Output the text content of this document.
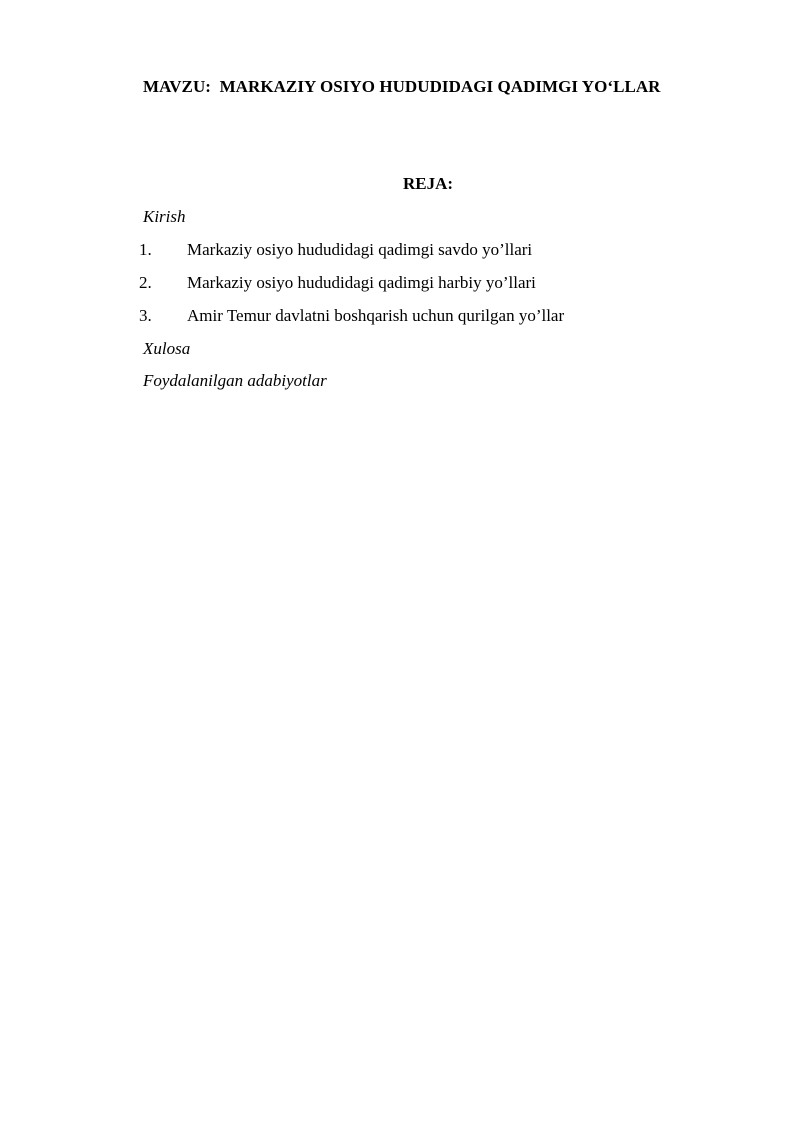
MAVZU:  MARKAZIY OSIYO HUDUDIDAGI QADIMGI YO‘LLAR
REJA:
Kirish
1. Markaziy osiyo hududidagi qadimgi savdo yo’llari
2. Markaziy osiyo hududidagi qadimgi harbiy yo’llari
3. Amir Temur davlatni boshqarish uchun qurilgan yo’llar
Xulosa
Foydalanilgan adabiyotlar
